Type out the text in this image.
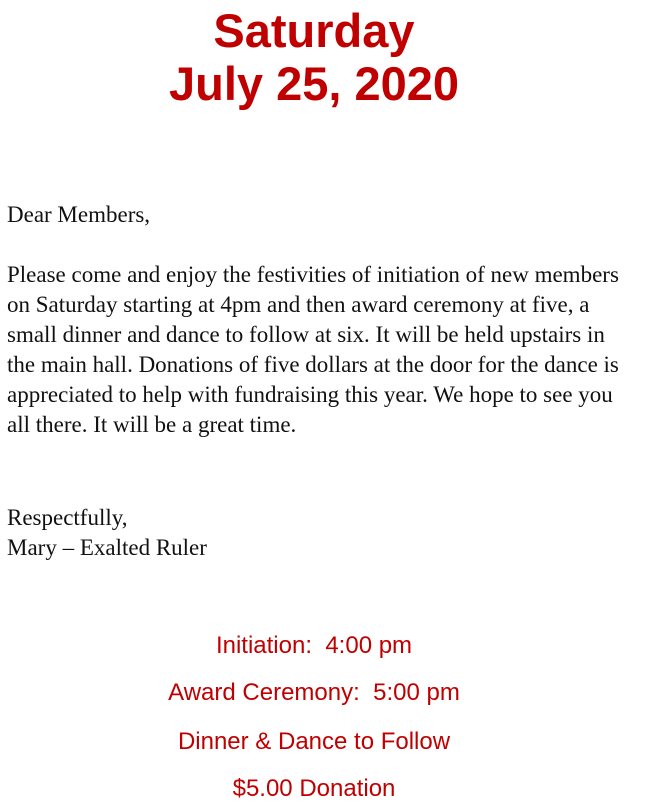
Saturday
July 25, 2020
Dear Members,
Please come and enjoy the festivities of initiation of new members on Saturday starting at 4pm and then award ceremony at five, a small dinner and dance to follow at six. It will be held upstairs in the main hall. Donations of five dollars at the door for the dance is appreciated to help with fundraising this year. We hope to see you all there. It will be a great time.
Respectfully,
Mary – Exalted Ruler
Initiation:  4:00 pm
Award Ceremony:  5:00 pm
Dinner & Dance to Follow
$5.00 Donation
